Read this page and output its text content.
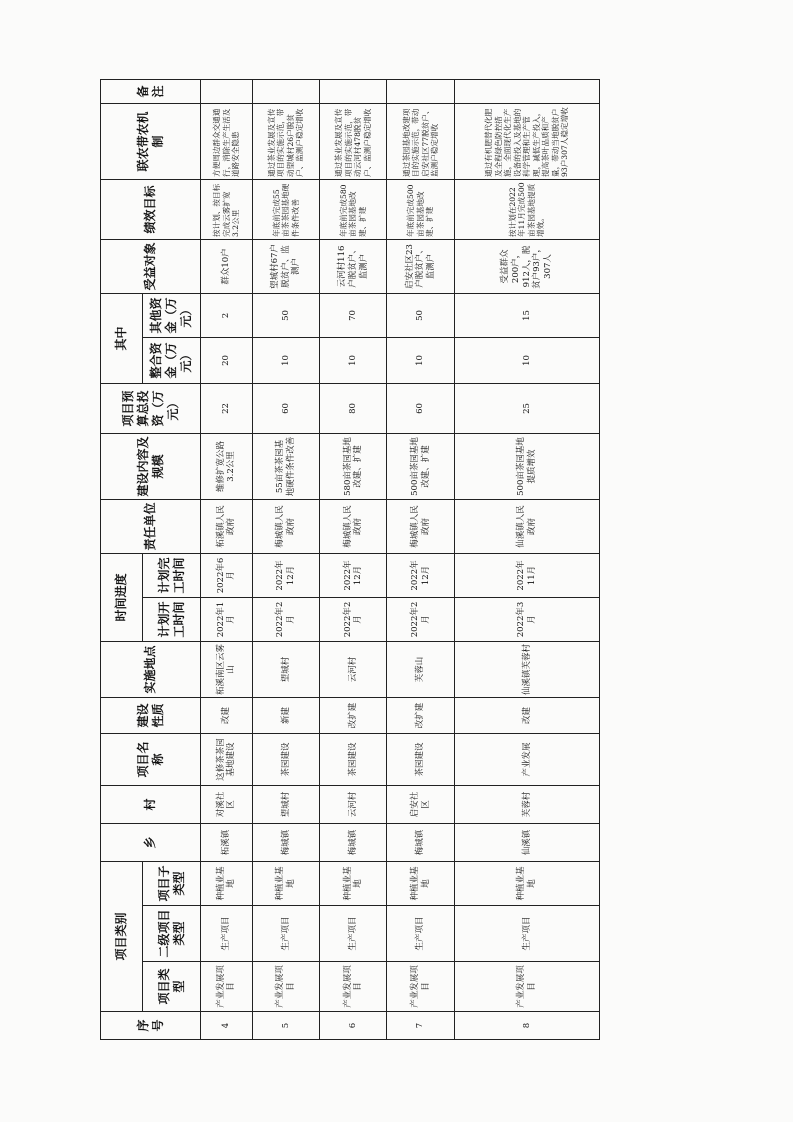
序号	项目类别			乡	村	项目名称	建设性质	实施地点	时间进度		责任单位	建设内容及规模	项目预算总投资（万元）	其中		受益对象	绩效目标	联农带农机制	备注
	项目类型	二级项目类型	项目子类型						计划开工时间	计划完工时间				整合资金（万元）	其他资金（万元）				
4	产业发展项目	生产项目	种植业基地	柘溪镇	对溪社区	这修茶茶园基地建设	改建	柘溪南区云雾山	2022年1月	2022年6月	柘溪镇人民政府	维修扩宽公路3.2公里	22	20	2	群众10户	按计划、按目标完成云雾扩宽3.2公里	方便周边群众交通通行，消除生产生活及道路安全隐患	
5	产业发展项目	生产项目	种植业基地	梅城镇	望城村	茶园建设	新建	望城村	2022年2月	2022年12月	梅城镇人民政府	55亩茶茶园基地硬件条件改善	60	10	50	望城村67户脱贫户、监测户	年底前完成55亩茶茶园基地硬件条件改善	通过茶业发展及宣传项目的实施示范，带动望城村26户脱贫户、监测户稳定增收	
6	产业发展项目	生产项目	种植业基地	梅城镇	云河村	茶园建设	改扩建	云河村	2022年2月	2022年12月	梅城镇人民政府	580亩茶园基地改建、扩建	80	10	70	云河村116户脱贫户、监测户	年底前完成580亩茶园基地改建、扩建	通过茶业发展及宣传项目的实施示范，带动云河村478脱贫户、监测户稳定增收	
7	产业发展项目	生产项目	种植业基地	梅城镇	启安社区	茶园建设	改扩建	芙蓉山	2022年2月	2022年12月	梅城镇人民政府	500亩茶园基地改建、扩建	60	10	50	启安社区23户脱贫户、监测户	年底前完成500亩茶园基地改建、扩建	通过茶园基地改建项目的实施示范，带动启安社区77脱贫户、监测户稳定增收	
8	产业发展项目	生产项目	种植业基地	仙溪镇	芙蓉村	产业发展	改建	仙溪镇芙蓉村	2022年3月	2022年11月	仙溪镇人民政府	500亩茶园基地提质增效	25	10	15	受益群众200户，912人，脱贫户93户，307人	按计划在2022年11月完成500亩茶园基地提质增效。	通过有机肥替代化肥及全程绿色防控措施，全面现代化生产设备的投入及基地的科学管理和生产管理，减低生产投入，提高茶叶品质和产量，带动当地脱贫户93户307人稳定增收	
